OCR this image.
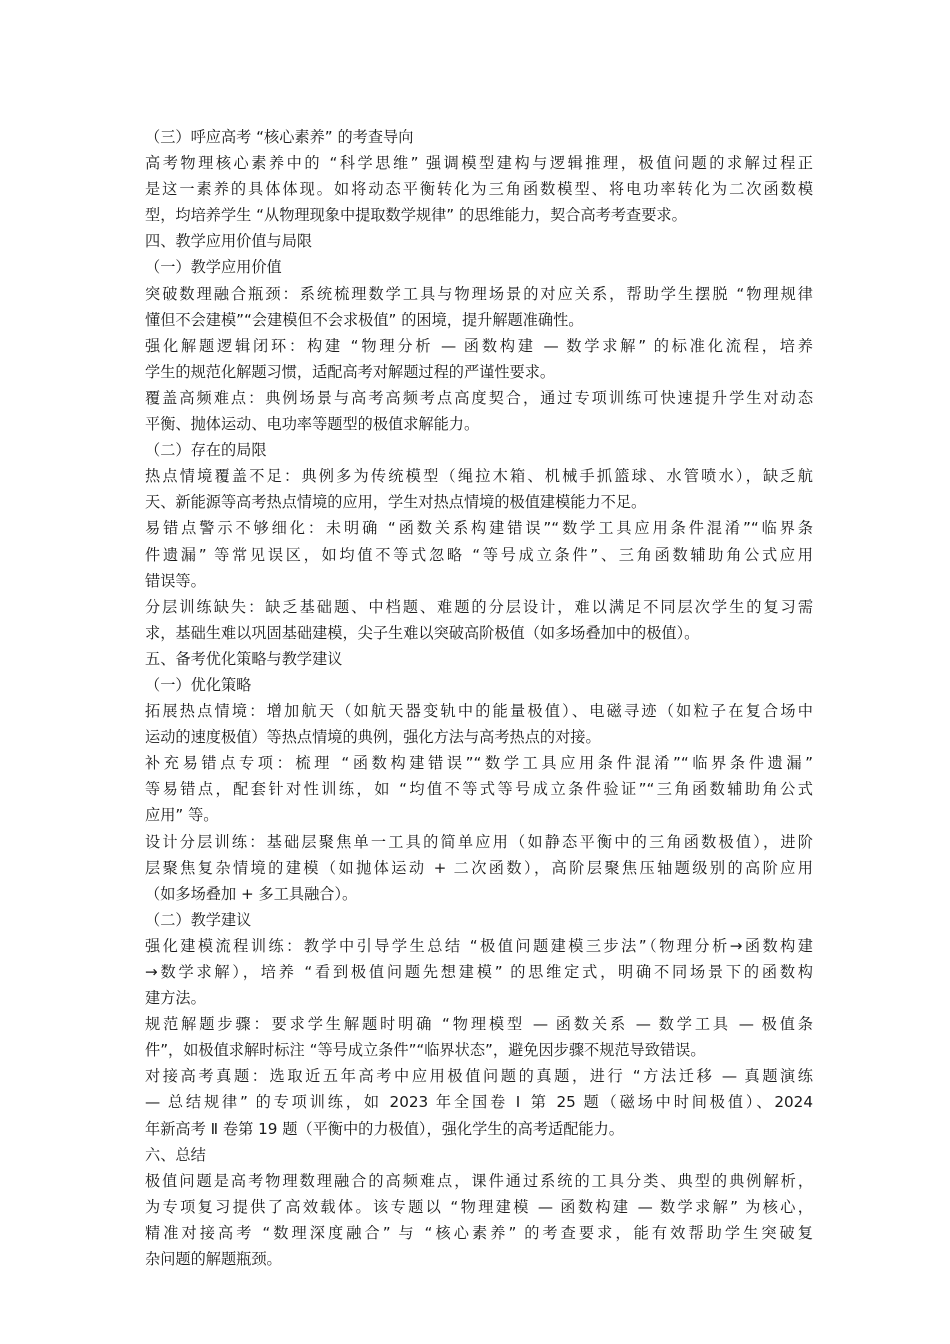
（三）呼应高考 “核心素养” 的考查导向

高考物理核心素养中的 “科学思维” 强调模型建构与逻辑推理，极值问题的求解过程正

是这一素养的具体体现。如将动态平衡转化为三角函数模型、将电功率转化为二次函数模

型，均培养学生 “从物理现象中提取数学规律” 的思维能力，契合高考考查要求。

四、教学应用价值与局限

（一）教学应用价值

突破数理融合瓶颈：系统梳理数学工具与物理场景的对应关系，帮助学生摆脱 “物理规律

懂但不会建模”“会建模但不会求极值” 的困境，提升解题准确性。

强化解题逻辑闭环：构建 “物理分析 — 函数构建 — 数学求解” 的标准化流程，培养

学生的规范化解题习惯，适配高考对解题过程的严谨性要求。

覆盖高频难点：典例场景与高考高频考点高度契合，通过专项训练可快速提升学生对动态

平衡、抛体运动、电功率等题型的极值求解能力。

（二）存在的局限

热点情境覆盖不足：典例多为传统模型（绳拉木箱、机械手抓篮球、水管喷水），缺乏航

天、新能源等高考热点情境的应用，学生对热点情境的极值建模能力不足。

易错点警示不够细化：未明确 “函数关系构建错误”“数学工具应用条件混淆”“临界条

件遗漏” 等常见误区，如均值不等式忽略 “等号成立条件”、三角函数辅助角公式应用

错误等。

分层训练缺失：缺乏基础题、中档题、难题的分层设计，难以满足不同层次学生的复习需

求，基础生难以巩固基础建模，尖子生难以突破高阶极值（如多场叠加中的极值）。

五、备考优化策略与教学建议

（一）优化策略

拓展热点情境：增加航天（如航天器变轨中的能量极值）、电磁寻迹（如粒子在复合场中

运动的速度极值）等热点情境的典例，强化方法与高考热点的对接。

补充易错点专项：梳理 “函数构建错误”“数学工具应用条件混淆”“临界条件遗漏”

等易错点，配套针对性训练，如 “均值不等式等号成立条件验证”“三角函数辅助角公式

应用” 等。

设计分层训练：基础层聚焦单一工具的简单应用（如静态平衡中的三角函数极值），进阶

层聚焦复杂情境的建模（如抛体运动 + 二次函数），高阶层聚焦压轴题级别的高阶应用

（如多场叠加 + 多工具融合）。

（二）教学建议

强化建模流程训练：教学中引导学生总结 “极值问题建模三步法”（物理分析→函数构建

→数学求解），培养 “看到极值问题先想建模” 的思维定式，明确不同场景下的函数构

建方法。

规范解题步骤：要求学生解题时明确 “物理模型 — 函数关系 — 数学工具 — 极值条

件”，如极值求解时标注 “等号成立条件”“临界状态”，避免因步骤不规范导致错误。

对接高考真题：选取近五年高考中应用极值问题的真题，进行 “方法迁移 — 真题演练

— 总结规律” 的专项训练，如 2023 年全国卷 Ⅰ 第 25 题（磁场中时间极值）、2024

年新高考 Ⅱ 卷第 19 题（平衡中的力极值），强化学生的高考适配能力。

六、总结

极值问题是高考物理数理融合的高频难点，课件通过系统的工具分类、典型的典例解析，

为专项复习提供了高效载体。该专题以 “物理建模 — 函数构建 — 数学求解” 为核心，

精准对接高考 “数理深度融合” 与 “核心素养” 的考查要求，能有效帮助学生突破复

杂问题的解题瓶颈。
